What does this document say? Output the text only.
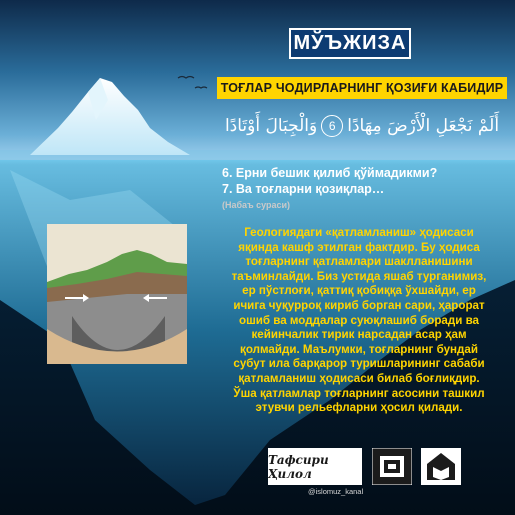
МЎЪЖИЗА
ТОҒЛАР ЧОДИРЛАРНИНГ ҚОЗИҒИ КАБИДИР
أَلَمْ نَجْعَلِ الْأَرْضَ مِهَادًا
6
وَالْجِبَالَ أَوْتَادًا
6. Ерни бешик қилиб қўймадикми?
7. Ва тоғларни қозиқлар…
(Набаъ сураси)
Геологиядаги «қатламланиш» ҳодисаси
яқинда кашф этилган фактдир. Бу ҳодиса
тоғларнинг қатламлари шаклланишини
таъминлайди. Биз устида яшаб турганимиз,
ер пўстлоғи, қаттиқ қобиққа ўхшайди, ер
ичига чуқурроқ кириб борган сари, ҳарорат
ошиб ва моддалар суюқлашиб боради ва
кейинчалик тирик нарсадан асар ҳам
қолмайди. Маълумки, тоғларнинг бундай
субут ила барқарор туришларининг сабаби
қатламланиш ҳодисаси билаб боғлиқдир.
Ўша қатламлар тоғларнинг асосини ташкил
этувчи рельефларни ҳосил қилади.
Тафсири Ҳилол
@islomuz_kanal
